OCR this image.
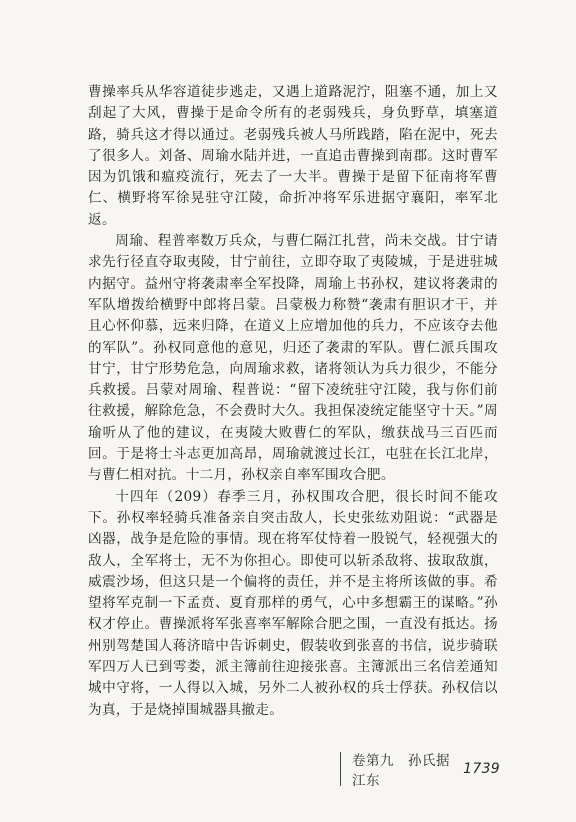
曹操率兵从华容道徒步逃走，又遇上道路泥泞，阻塞不通，加上又刮起了大风，曹操于是命令所有的老弱残兵，身负野草，填塞道路，骑兵这才得以通过。老弱残兵被人马所践踏，陷在泥中，死去了很多人。刘备、周瑜水陆并进，一直追击曹操到南郡。这时曹军因为饥饿和瘟疫流行，死去了一大半。曹操于是留下征南将军曹仁、横野将军徐晃驻守江陵，命折冲将军乐进据守襄阳，率军北返。

周瑜、程普率数万兵众，与曹仁隔江扎营，尚未交战。甘宁请求先行径直夺取夷陵，甘宁前往，立即夺取了夷陵城，于是进驻城内据守。益州守将袭肃率全军投降，周瑜上书孙权，建议将袭肃的军队增拨给横野中郎将吕蒙。吕蒙极力称赞“袭肃有胆识才干，并且心怀仰慕，远来归降，在道义上应增加他的兵力，不应该夺去他的军队”。孙权同意他的意见，归还了袭肃的军队。曹仁派兵围攻甘宁，甘宁形势危急，向周瑜求救，诸将领认为兵力很少，不能分兵救援。吕蒙对周瑜、程普说：“留下凌统驻守江陵，我与你们前往救援，解除危急，不会费时大久。我担保凌统定能坚守十天。”周瑜听从了他的建议，在夷陵大败曹仁的军队，缴获战马三百匹而回。于是将士斗志更加高昂，周瑜就渡过长江，屯驻在长江北岸，与曹仁相对抗。十二月，孙权亲自率军围攻合肥。

十四年（209）春季三月，孙权围攻合肥，很长时间不能攻下。孙权率轻骑兵准备亲自突击敌人，长史张纮劝阻说：“武器是凶器，战争是危险的事情。现在将军仗恃着一股锐气，轻视强大的敌人，全军将士，无不为你担心。即使可以斩杀敌将、拔取敌旗，威震沙场，但这只是一个偏将的责任，并不是主将所该做的事。希望将军克制一下孟贲、夏育那样的勇气，心中多想霸王的谋略。”孙权才停止。曹操派将军张喜率军解除合肥之围，一直没有抵达。扬州别驾楚国人蒋济暗中告诉刺史，假装收到张喜的书信，说步骑联军四万人已到雩娄，派主簿前往迎接张喜。主簿派出三名信差通知城中守将，一人得以入城，另外二人被孙权的兵士俘获。孙权信以为真，于是烧掉围城器具撤走。

卷第九　孙氏据江东
1739
